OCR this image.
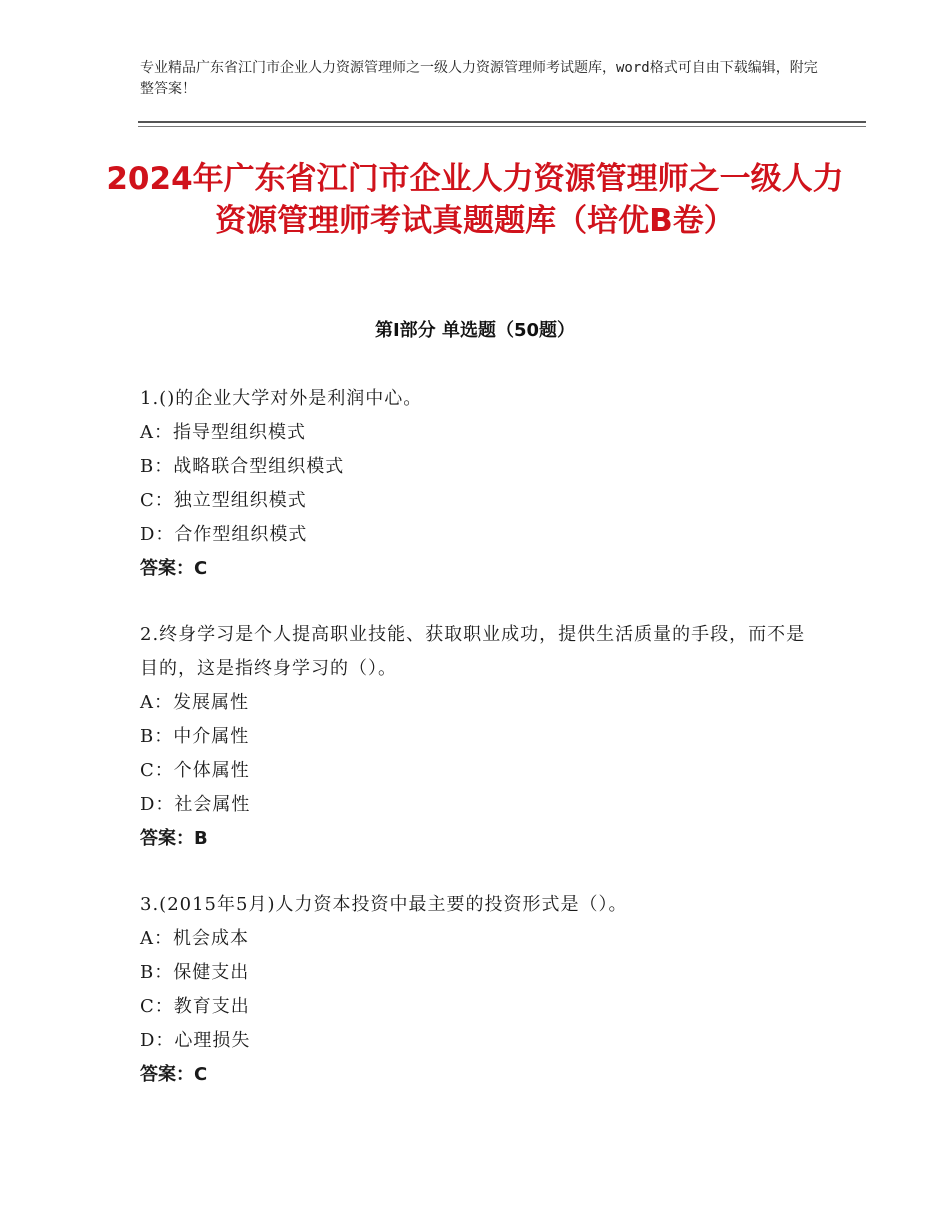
专业精品广东省江门市企业人力资源管理师之一级人力资源管理师考试题库，word格式可自由下载编辑，附完整答案！
2024年广东省江门市企业人力资源管理师之一级人力资源管理师考试真题题库（培优B卷）
第Ⅰ部分 单选题（50题）
1.()的企业大学对外是利润中心。
A：指导型组织模式
B：战略联合型组织模式
C：独立型组织模式
D：合作型组织模式
答案：C
2.终身学习是个人提高职业技能、获取职业成功，提供生活质量的手段，而不是目的，这是指终身学习的（）。
A：发展属性
B：中介属性
C：个体属性
D：社会属性
答案：B
3.(2015年5月)人力资本投资中最主要的投资形式是（）。
A：机会成本
B：保健支出
C：教育支出
D：心理损失
答案：C
